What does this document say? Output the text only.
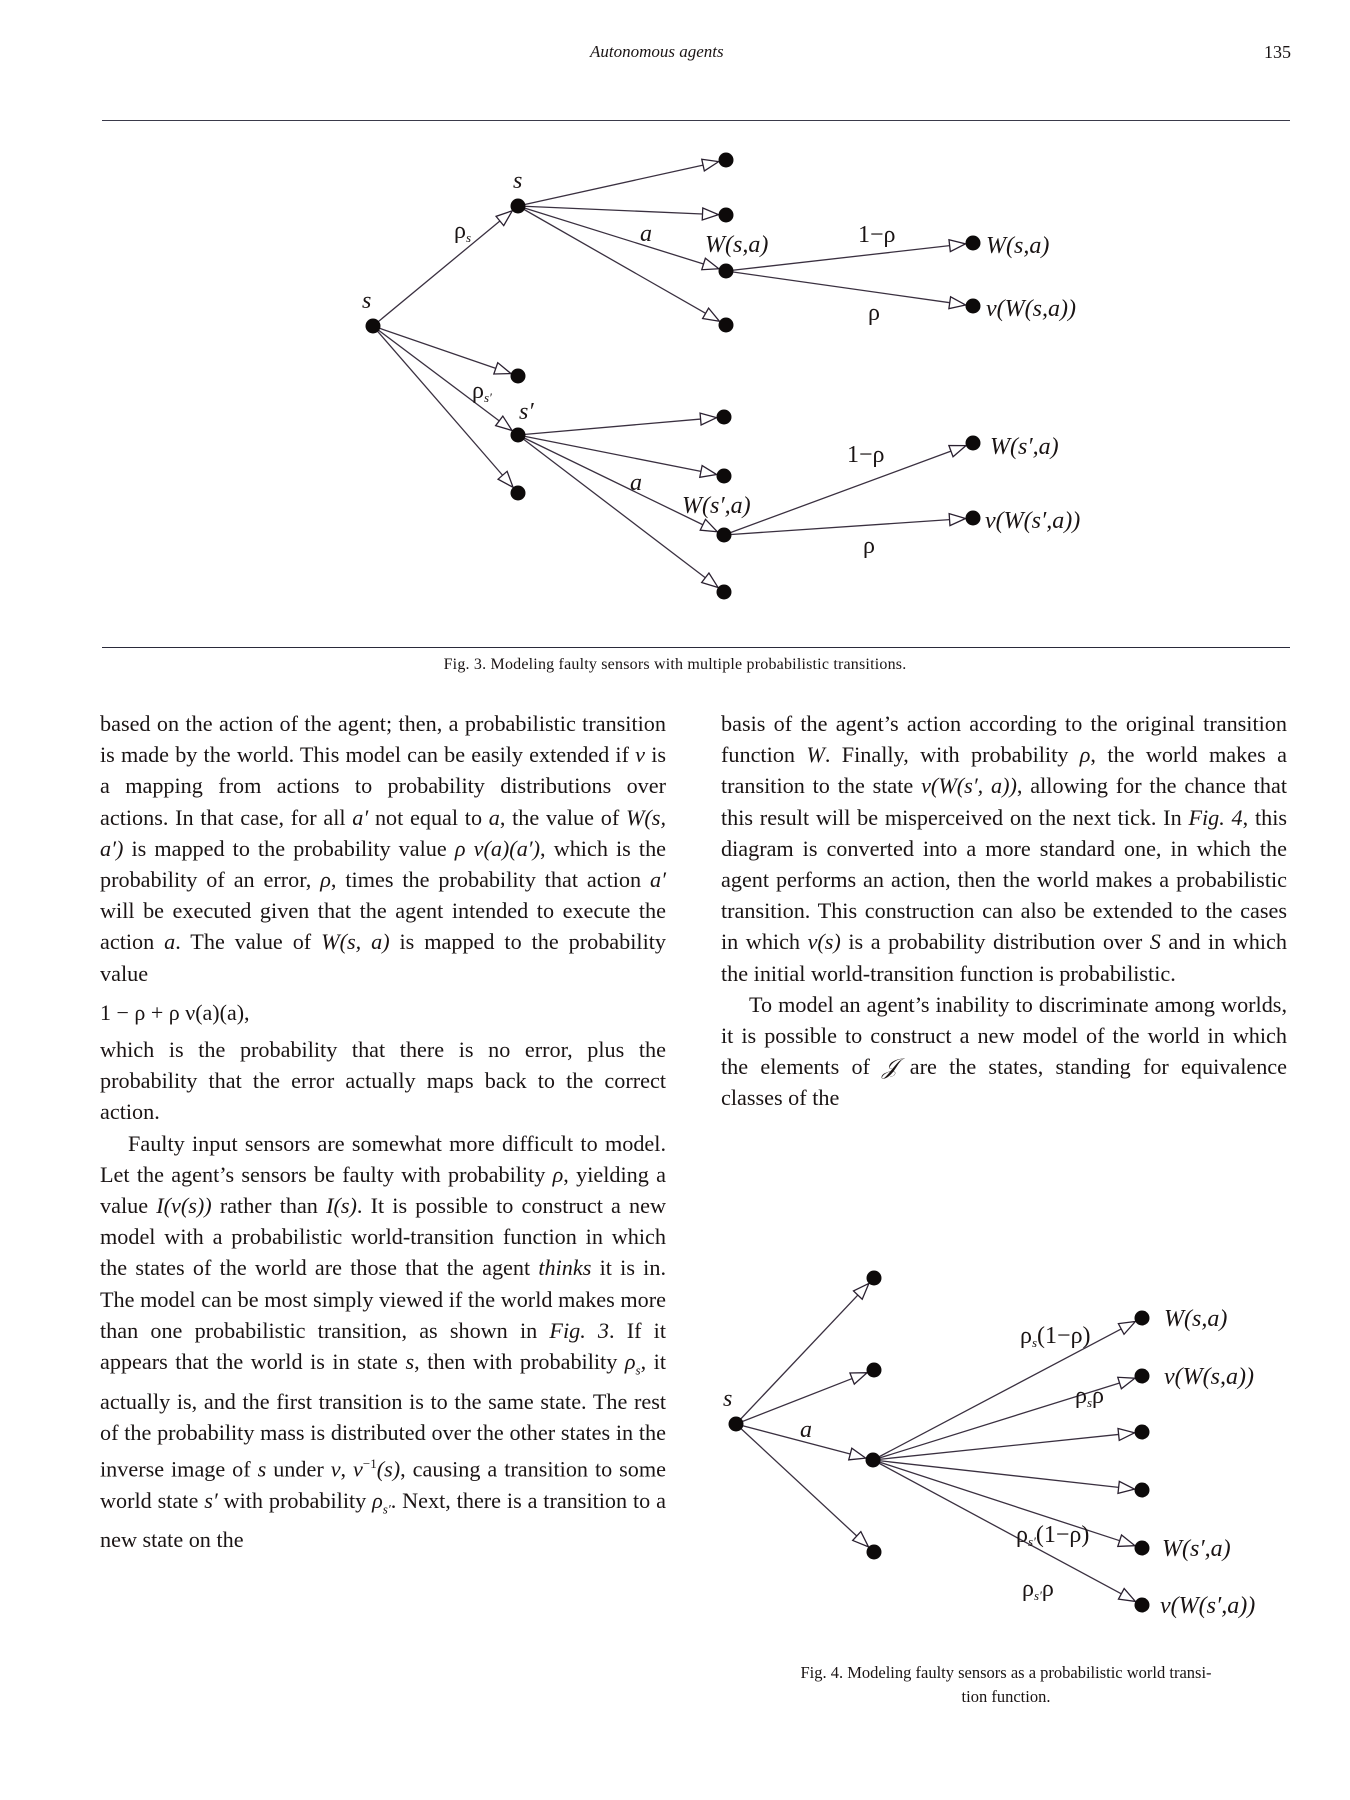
Autonomous agents	135
s
s
s′
ρs
ρs′
a
a
W(s,a)
W(s′,a)
1−ρ
ρ
1−ρ
ρ
W(s,a)
ν(W(s,a))
W(s′,a)
ν(W(s′,a))
Fig. 3. Modeling faulty sensors with multiple probabilistic transitions.

based on the action of the agent; then, a probabilistic transition is made by the world. This model can be easily extended if ν is a mapping from actions to probability distributions over actions. In that case, for all a′ not equal to a, the value of W(s, a′) is mapped to the probability value ρ ν(a)(a′), which is the probability of an error, ρ, times the probability that action a′ will be executed given that the agent intended to execute the action a. The value of W(s, a) is mapped to the probability value

1 − ρ + ρ ν(a)(a),

which is the probability that there is no error, plus the probability that the error actually maps back to the correct action.

Faulty input sensors are somewhat more difficult to model. Let the agent’s sensors be faulty with probability ρ, yielding a value I(ν(s)) rather than I(s). It is possible to construct a new model with a probabilistic world-transition function in which the states of the world are those that the agent thinks it is in. The model can be most simply viewed if the world makes more than one probabilistic transition, as shown in Fig. 3. If it appears that the world is in state s, then with probability $\rho_s$, it actually is, and the first transition is to the same state. The rest of the probability mass is distributed over the other states in the inverse image of s under ν, $\nu^{-1}(s)$, causing a transition to some world state s′ with probability $\rho_{s'}$. Next, there is a transition to a new state on the

basis of the agent’s action according to the original transition function W. Finally, with probability ρ, the world makes a transition to the state ν(W(s′, a)), allowing for the chance that this result will be misperceived on the next tick. In Fig. 4, this diagram is converted into a more standard one, in which the agent performs an action, then the world makes a probabilistic transition. This construction can also be extended to the cases in which ν(s) is a probability distribution over S and in which the initial world-transition function is probabilistic.

To model an agent’s inability to discriminate among worlds, it is possible to construct a new model of the world in which the elements of 𝒥 are the states, standing for equivalence classes of the

s
a
ρs(1−ρ)
ρsρ
ρs′(1−ρ)
ρs′ρ
W(s,a)
ν(W(s,a))
W(s′,a)
ν(W(s′,a))
Fig. 4. Modeling faulty sensors as a probabilistic world transi-
tion function.
